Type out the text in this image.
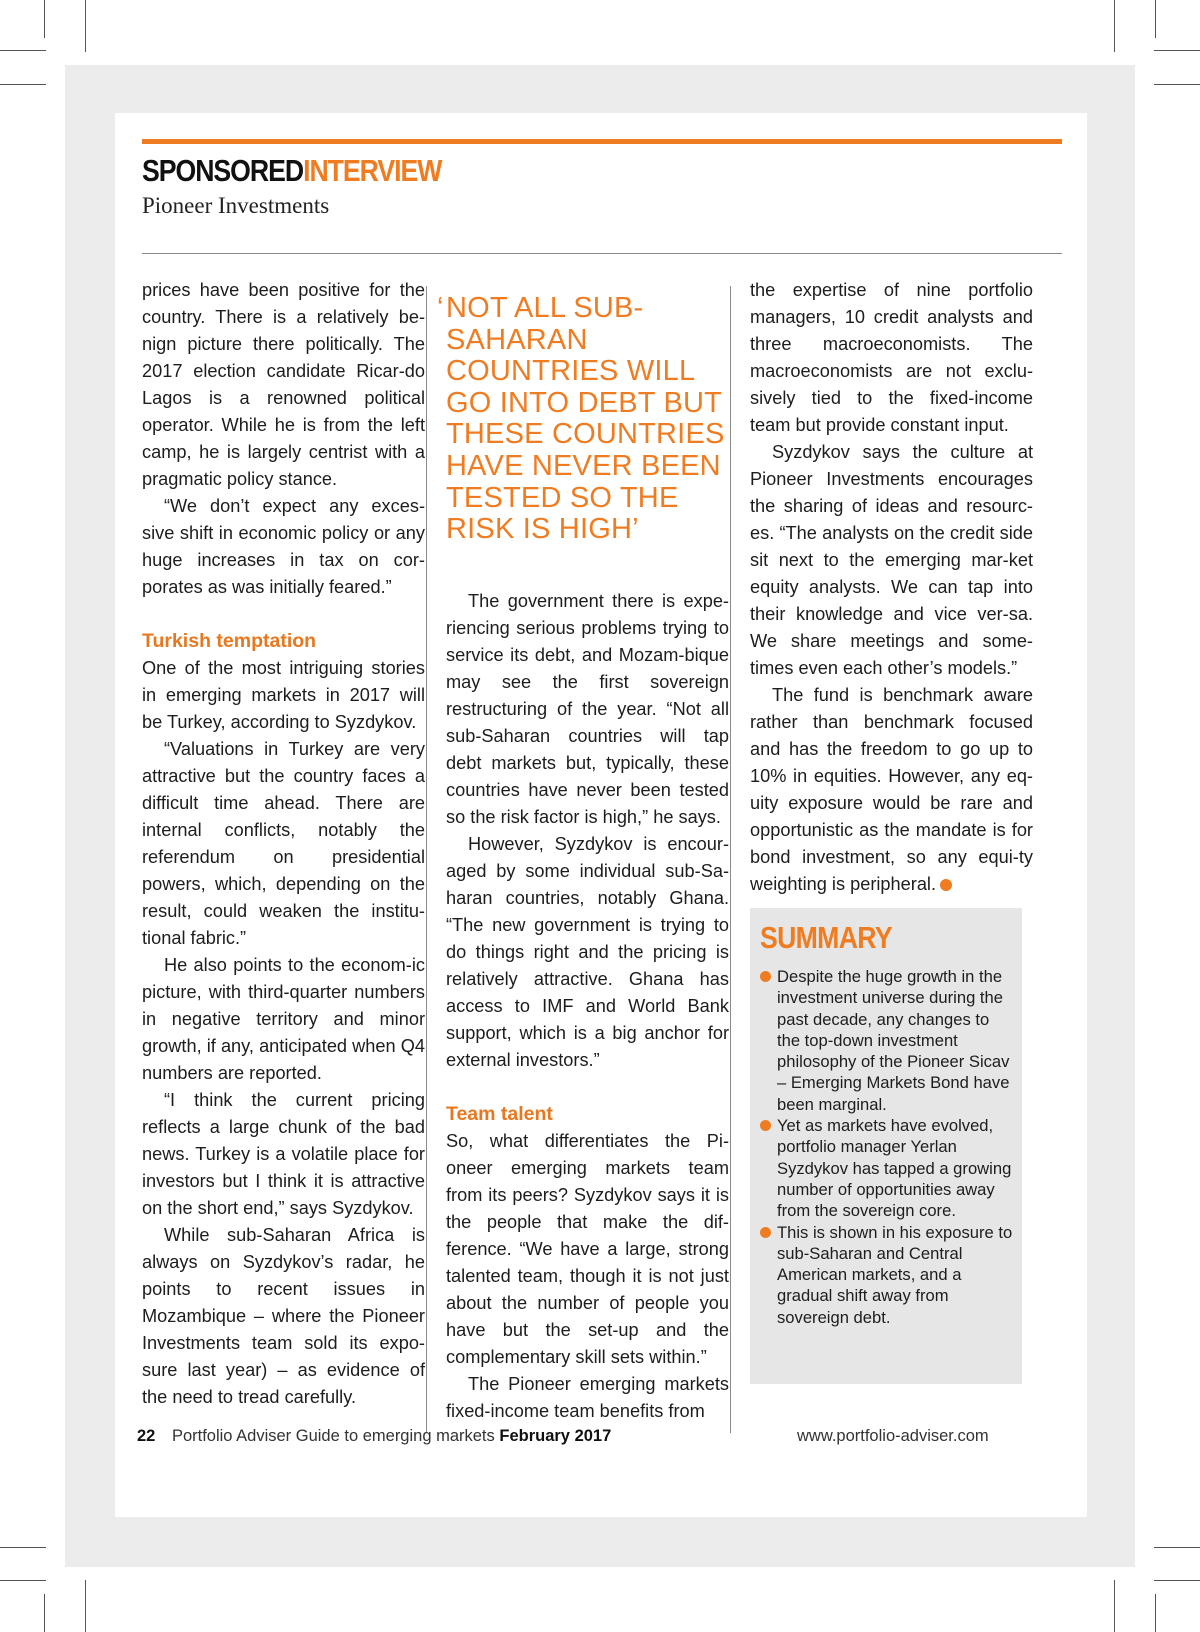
SPONSOREDINTERVIEW
Pioneer Investments

prices have been positive for the country. There is a relatively be-nign picture there politically. The 2017 election candidate Ricar-do Lagos is a renowned political operator. While he is from the left camp, he is largely centrist with a pragmatic policy stance.

“We don’t expect any exces-sive shift in economic policy or any huge increases in tax on cor-porates as was initially feared.”

Turkish temptation

One of the most intriguing stories in emerging markets in 2017 will be Turkey, according to Syzdykov.

“Valuations in Turkey are very attractive but the country faces a difficult time ahead. There are internal conflicts, notably the referendum on presidential powers, which, depending on the result, could weaken the institu-tional fabric.”

He also points to the econom-ic picture, with third-quarter numbers in negative territory and minor growth, if any, anticipated when Q4 numbers are reported.

“I think the current pricing reflects a large chunk of the bad news. Turkey is a volatile place for investors but I think it is attractive on the short end,” says Syzdykov.

While sub-Saharan Africa is always on Syzdykov’s radar, he points to recent issues in Mozambique – where the Pioneer Investments team sold its expo-sure last year) – as evidence of the need to tread carefully.

‘ NOT ALL SUB-SAHARAN COUNTRIES WILL GO INTO DEBT BUT THESE COUNTRIES HAVE NEVER BEEN TESTED SO THE RISK IS HIGH’

The government there is expe-riencing serious problems trying to service its debt, and Mozam-bique may see the first sovereign restructuring of the year. “Not all sub-Saharan countries will tap debt markets but, typically, these countries have never been tested so the risk factor is high,” he says.

However, Syzdykov is encour-aged by some individual sub-Sa-haran countries, notably Ghana. “The new government is trying to do things right and the pricing is relatively attractive. Ghana has access to IMF and World Bank support, which is a big anchor for external investors.”

Team talent

So, what differentiates the Pi-oneer emerging markets team from its peers? Syzdykov says it is the people that make the dif-ference. “We have a large, strong talented team, though it is not just about the number of people you have but the set-up and the complementary skill sets within.”

The Pioneer emerging markets fixed-income team benefits from

the expertise of nine portfolio managers, 10 credit analysts and three macroeconomists. The macroeconomists are not exclu-sively tied to the fixed-income team but provide constant input.

Syzdykov says the culture at Pioneer Investments encourages the sharing of ideas and resourc-es. “The analysts on the credit side sit next to the emerging mar-ket equity analysts. We can tap into their knowledge and vice ver-sa. We share meetings and some-times even each other’s models.”

The fund is benchmark aware rather than benchmark focused and has the freedom to go up to 10% in equities. However, any eq-uity exposure would be rare and opportunistic as the mandate is for bond investment, so any equi-ty weighting is peripheral.

SUMMARY
Despite the huge growth in the investment universe during the past decade, any changes to the top-down investment philosophy of the Pioneer Sicav – Emerging Markets Bond have been marginal.
Yet as markets have evolved, portfolio manager Yerlan Syzdykov has tapped a growing number of opportunities away from the sovereign core.
This is shown in his exposure to sub-Saharan and Central American markets, and a gradual shift away from sovereign debt.
22 Portfolio Adviser Guide to emerging markets February 2017	www.portfolio-adviser.com
